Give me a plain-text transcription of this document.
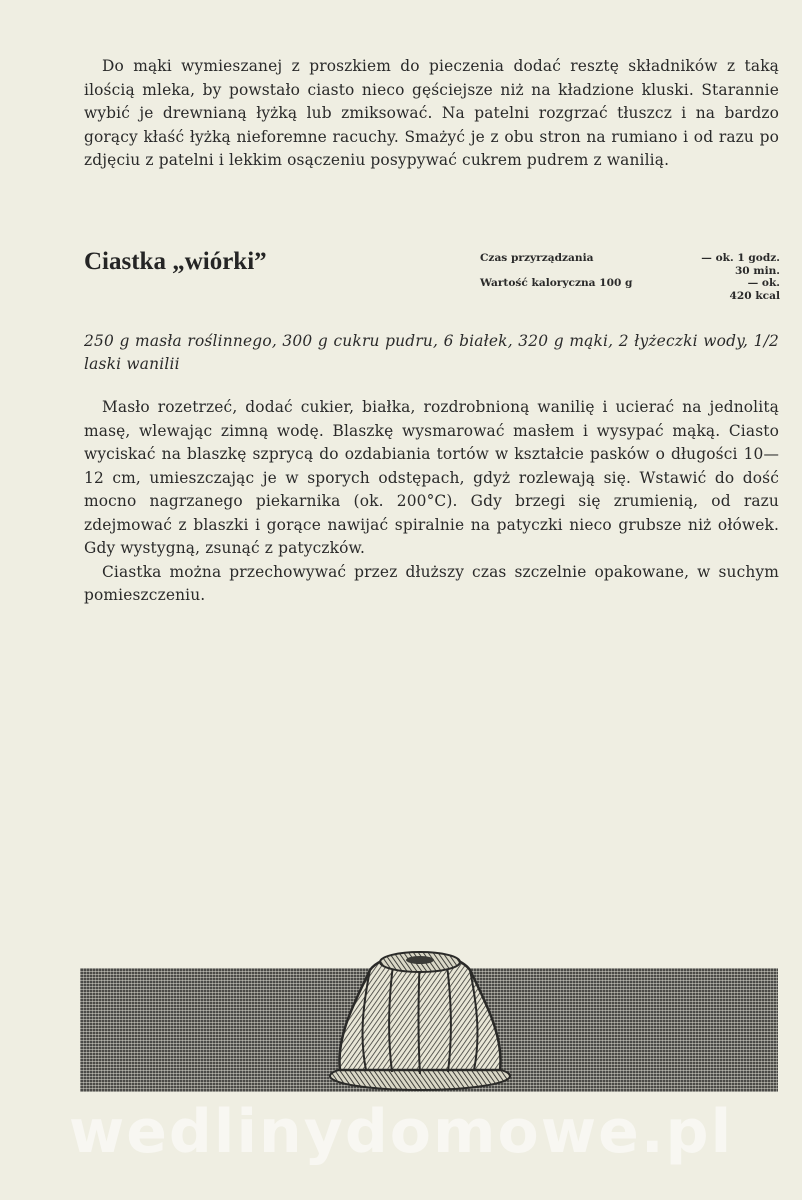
Do mąki wymieszanej z proszkiem do pieczenia dodać resztę składników z taką ilością mleka, by powstało ciasto nieco gęściejsze niż na kładzione kluski. Starannie wybić je drewnianą łyżką lub zmiksować. Na patelni rozgrzać tłuszcz i na bardzo gorący kłaść łyżką nieforemne racuchy. Smażyć je z obu stron na rumiano i od razu po zdjęciu z patelni i lekkim osączeniu posypywać cukrem pudrem z wanilią.

Ciastka „wiórki”	Czas przyrządzania	— ok. 1 godz.
30 min.
Wartość kaloryczna 100 g	— ok.
420 kcal

250 g masła roślinnego, 300 g cukru pudru, 6 białek, 320 g mąki, 2 łyżeczki wody, 1/2 laski wanilii

Masło rozetrzeć, dodać cukier, białka, rozdrobnioną wanilię i ucierać na jednolitą masę, wlewając zimną wodę. Blaszkę wysmarować masłem i wysypać mąką. Ciasto wyciskać na blaszkę szprycą do ozdabiania tortów w kształcie pasków o długości 10—12 cm, umieszczając je w sporych odstępach, gdyż rozlewają się. Wstawić do dość mocno nagrzanego piekarnika (ok. 200°C). Gdy brzegi się zrumienią, od razu zdejmować z blaszki i gorące nawijać spiralnie na patyczki nieco grubsze niż ołówek. Gdy wystygną, zsunąć z patyczków.

Ciastka można przechowywać przez dłuższy czas szczelnie opakowane, w suchym pomieszczeniu.

wedlinydomowe.pl
